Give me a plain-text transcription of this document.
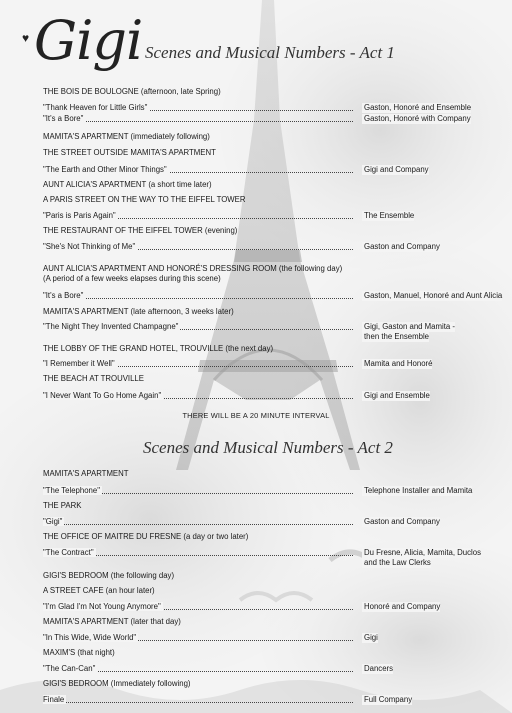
♥ Gigi Scenes and Musical Numbers - Act 1
THE BOIS DE BOULOGNE (afternoon, late Spring)
"Thank Heaven for Little Girls"	Gaston, Honoré and Ensemble
"It's a Bore"	Gaston, Honoré with Company
MAMITA'S APARTMENT (immediately following)
THE STREET OUTSIDE MAMITA'S APARTMENT
"The Earth and Other Minor Things"	Gigi and Company
AUNT ALICIA'S APARTMENT (a short time later)
A PARIS STREET ON THE WAY TO THE EIFFEL TOWER
"Paris is Paris Again"	The Ensemble
THE RESTAURANT OF THE EIFFEL TOWER (evening)
"She's Not Thinking of Me"	Gaston and Company
AUNT ALICIA'S APARTMENT AND HONORÉ'S DRESSING ROOM (the following day)
(A period of a few weeks elapses during this scene)
"It's a Bore"	Gaston, Manuel, Honoré and Aunt Alicia
MAMITA'S APARTMENT (late afternoon, 3 weeks later)
"The Night They Invented Champagne"	Gigi, Gaston and Mamita -
then the Ensemble
THE LOBBY OF THE GRAND HOTEL, TROUVILLE (the next day)
"I Remember it Well"	Mamita and Honoré
THE BEACH AT TROUVILLE
"I Never Want To Go Home Again"	Gigi and Ensemble
THERE WILL BE A 20 MINUTE INTERVAL
Scenes and Musical Numbers - Act 2
MAMITA'S APARTMENT
"The Telephone"	Telephone Installer and Mamita
THE PARK
"Gigi"	Gaston and Company
THE OFFICE OF MAITRE DU FRESNE (a day or two later)
"The Contract"	Du Fresne, Alicia, Mamita, Duclos
and the Law Clerks
GIGI'S BEDROOM (the following day)
A STREET CAFE (an hour later)
"I'm Glad I'm Not Young Anymore"	Honoré and Company
MAMITA'S APARTMENT (later that day)
"In This Wide, Wide World"	Gigi
MAXIM'S (that night)
"The Can-Can"	Dancers
GIGI'S BEDROOM (Immediately following)
Finale	Full Company
